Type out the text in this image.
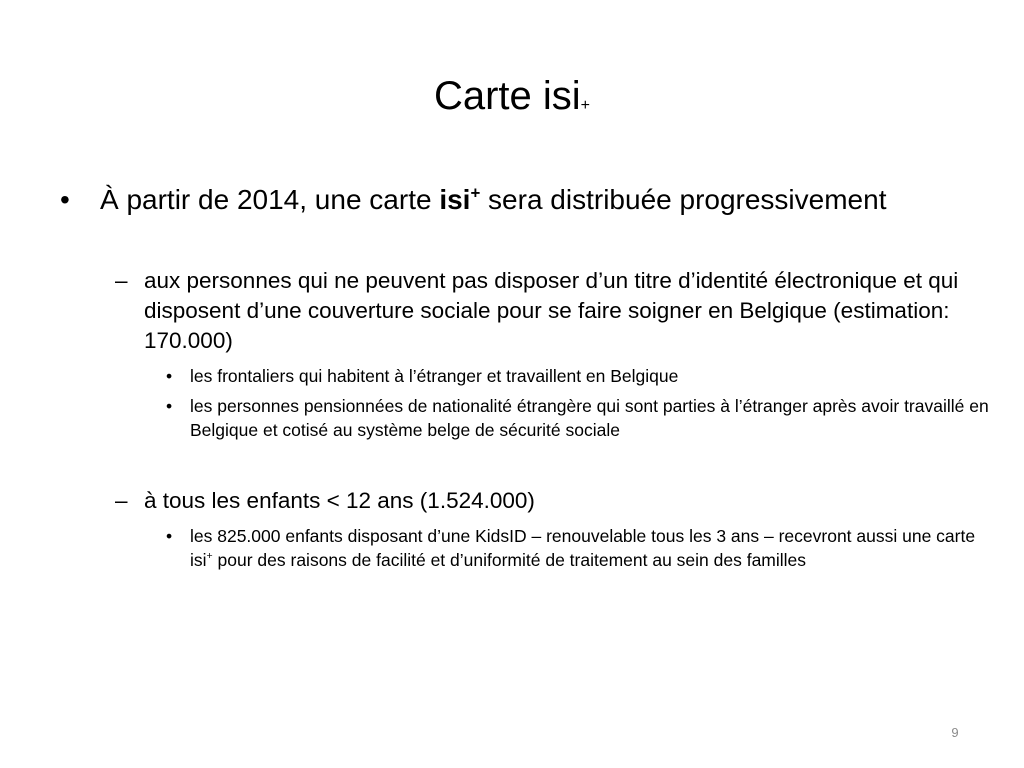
Carte isi+
• À partir de 2014, une carte isi+ sera distribuée progressivement
– aux personnes qui ne peuvent pas disposer d’un titre d’identité électronique et qui disposent d’une couverture sociale pour se faire soigner en Belgique (estimation: 170.000)
• les frontaliers qui habitent à l’étranger et travaillent en Belgique
• les personnes pensionnées de nationalité étrangère qui sont parties à l’étranger après avoir travaillé en Belgique et cotisé au système belge de sécurité sociale
– à tous les enfants < 12 ans (1.524.000)
• les 825.000 enfants disposant d’une KidsID – renouvelable tous les 3 ans – recevront aussi une carte isi+ pour des raisons de facilité et d’uniformité de traitement au sein des familles
9
